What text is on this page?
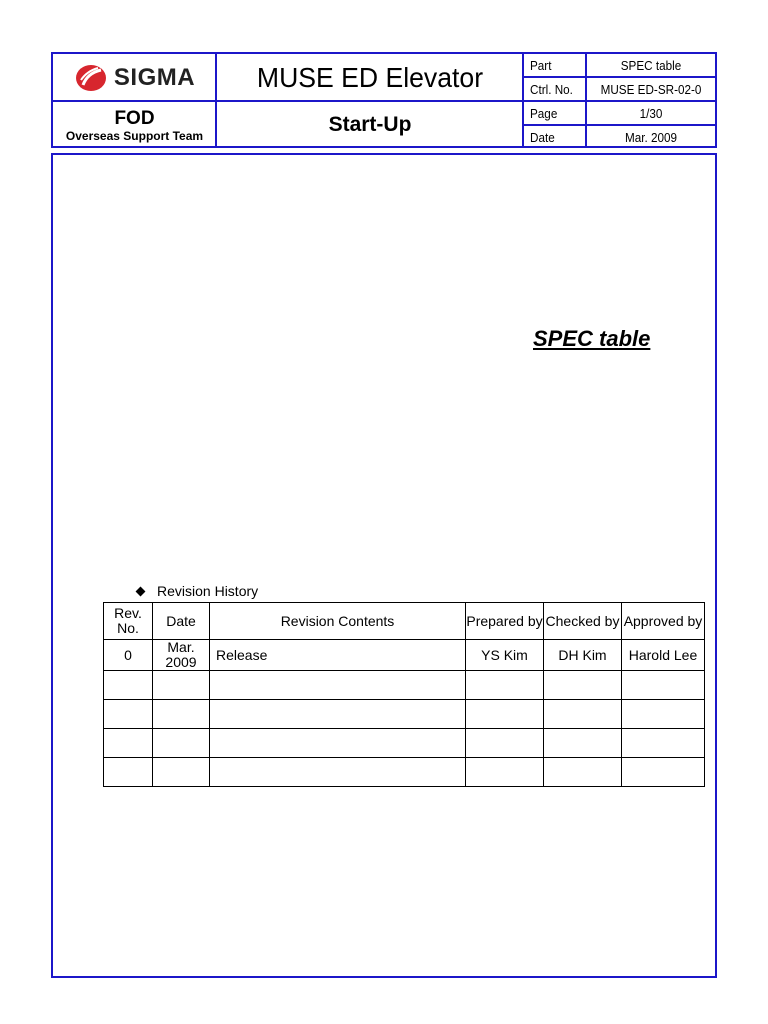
SIGMA	MUSE ED Elevator
FOD
Overseas Support Team	Start-Up
Part	SPEC table
Ctrl. No.	MUSE ED-SR-02-0
Page	1/30
Date	Mar. 2009
SPEC table
Revision History
Rev. No.	Date	Revision Contents	Prepared by	Checked by	Approved by
0	Mar. 2009	Release	YS Kim	DH Kim	Harold Lee
